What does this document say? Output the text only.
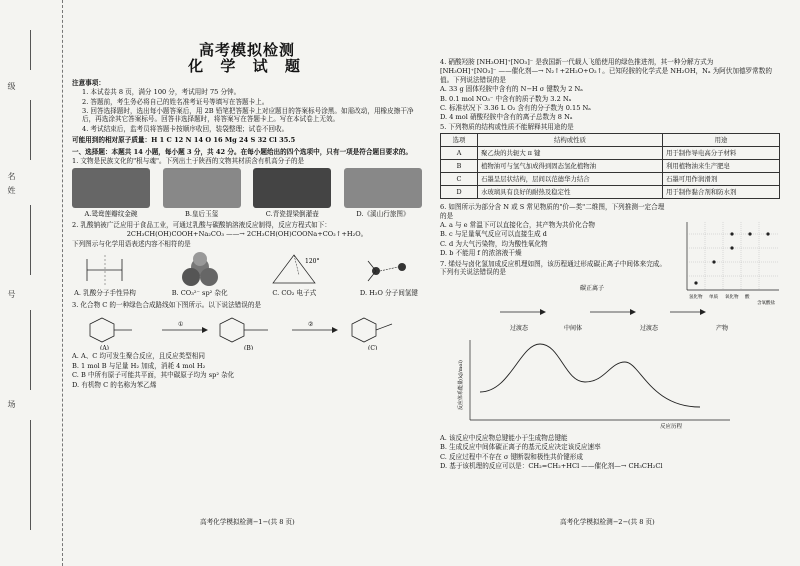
级
名
姓
号
场
高考模拟检测
化 学 试 题
注意事项：
1. 本试卷共 8 页，满分 100 分，考试用时 75 分钟。
2. 答题前，考生务必将自己的姓名准考证号等填写在答题卡上。
3. 回答选择题时，选出每小题答案后，用 2B 铅笔把答题卡上对应题目的答案标号涂黑。如需改动，用橡皮擦干净后，再选涂其它答案标号。回答非选择题时，将答案写在答题卡上。写在本试卷上无效。
4. 考试结束后，监考员将答题卡按顺序收回，装袋整理；试卷不回收。
可能用到的相对原子质量：H 1 C 12 N 14 O 16 Mg 24 S 32 Cl 35.5
一、选择题：本题共 14 小题，每小题 3 分，共 42 分。在每小题给出的四个选项中，只有一项是符合题目要求的。
1. 文物是民族文化的"根与魂"。下列出土于陕西的文物其材质含有机高分子的是
A.鸳鸯莲瓣纹金碗	B.皇后玉玺	C.青瓷提梁倒灌壶	D.《溪山行旅图》
2. 乳酸钠被广泛应用于食品工业，可通过乳酸与碳酸钠溶液反应制得，反应方程式如下：
2CH₃CH(OH)COOH+Na₂CO₃ ——→ 2CH₃CH(OH)COONa+CO₂↑+H₂O。
下列图示与化学用语表述内容不相符的是
A. 乳酸分子手性异构	B. CO₃²⁻ sp² 杂化
120°
C. CO₂ 电子式	D. H₂O 分子间氢键
3. 化合物 C 的一种绿色合成路线如下图所示。以下说法错误的是
(A)
①
(B)
②
(C)
A. A、C 均可发生聚合反应，且反应类型相同
B. 1 mol B 与足量 H₂ 加成，消耗 4 mol H₂
C. B 中所有原子可能共平面，其中碳原子均为 sp² 杂化
D. 有机物 C 的名称为苯乙烯
高考化学模拟检测−1−(共 8 页)
4. 硝酸羟胺 [NH₃OH]⁺[NO₃]⁻ 是我国新一代载人飞船使用的绿色推进剂，其一种分解方式为
[NH₃OH]⁺[NO₃]⁻ ——催化剂—→ N₂↑+2H₂O+O₂↑。已知羟胺的化学式是 NH₂OH，Nₐ 为阿伏加德罗常数的值。下列说法错误的是
A. 33 g 固体羟胺中含有的 N−H σ 键数为 2 Nₐ
B. 0.1 mol NO₃⁻ 中含有的质子数为 3.2 Nₐ
C. 标准状况下 3.36 L O₂ 含有的分子数为 0.15 Nₐ
D. 4 mol 硝酸羟胺中含有的离子总数为 8 Nₐ
5. 下列物质的结构或性质不能解释其用途的是
选项	结构或性质	用途
A	聚乙炔的共轭大 π 键	用于制作导电高分子材料
B	植物油可与氢气加成得到固态氢化植物油	利用植物油来生产肥皂
C	石墨呈层状结构，层间以范德华力结合	石墨可用作润滑剂
D	水玻璃具有良好的耐热及稳定性	用于制作黏合剂和防水剂
6. 如图所示为部分含 N 或 S 常见物质的"价—类"二维图，下列推测一定合理的是
A. a 与 e 常温下可以直接化合，其产物为共价化合物
B. c 与足量氧气反应可以直接生成 d
C. d 为大气污染物，均为酸性氧化物
D. b 不能用 f 的浓溶液干燥
7. 烯烃与卤化氢加成反应机理如图，该历程通过形成碳正离子中间体来完成。下列有关说法错误的是
氢化物 单质 氧化物 酸
含氧酸盐
碳正离子
过渡态	中间体	过渡态	产物
反应体系能量(kJ/mol)
反应历程
A. 该反应中反应物总键能小于生成物总键能
B. 生成反应中间体碳正离子的基元反应决定该反应速率
C. 反应过程中不存在 σ 键断裂和极性共价键形成
D. 基于该机理的反应可以是：CH₂=CH₂+HCl ——催化剂—→ CH₃CH₂Cl
高考化学模拟检测−2−(共 8 页)
